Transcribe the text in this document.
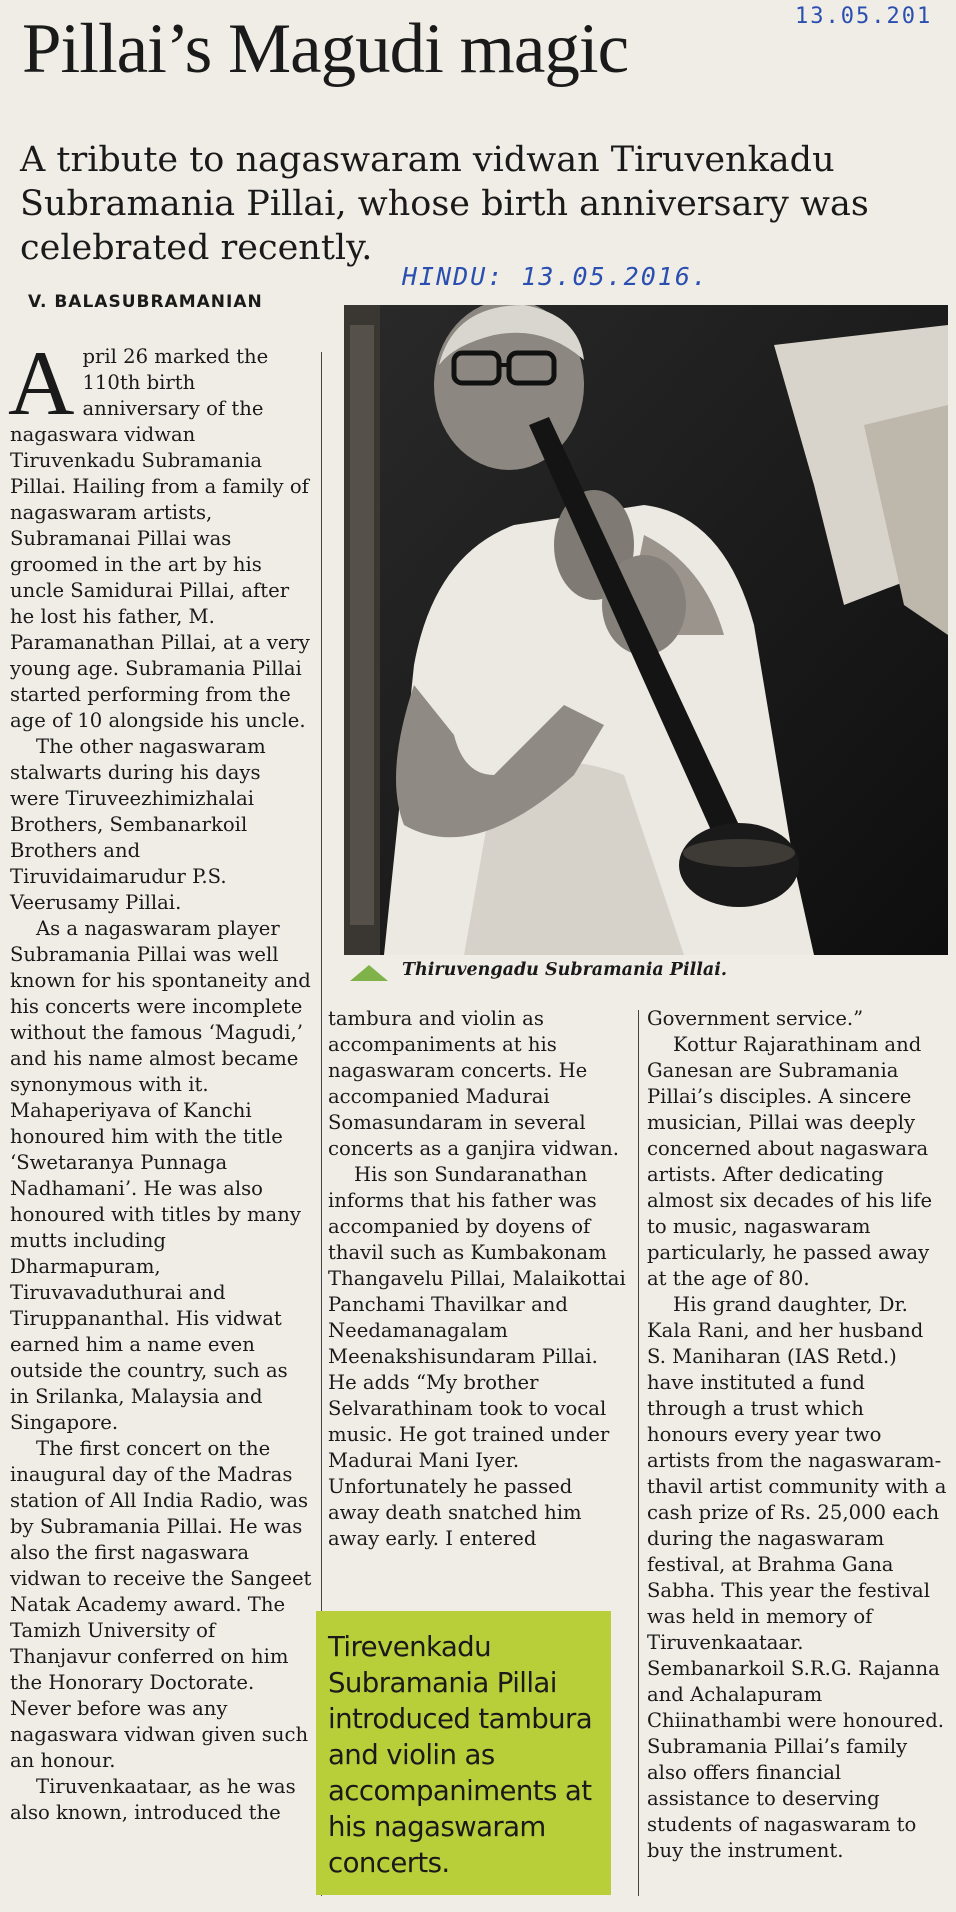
13.05.201
Pillai’s Magudi magic
A tribute to nagaswaram vidwan Tiruvenkadu Subramania Pillai, whose birth anniversary was celebrated recently.
HINDU: 13.05.2016.
V. BALASUBRAMANIAN

April 26 marked the 110th birth anniversary of the nagaswara vidwan Tiruvenkadu Subramania Pillai. Hailing from a family of nagaswaram artists, Subramanai Pillai was groomed in the art by his uncle Samidurai Pillai, after he lost his father, M. Paramanathan Pillai, at a very young age. Subramania Pillai started performing from the age of 10 alongside his uncle.

The other nagaswaram stalwarts during his days were Tiruveezhimizhalai Brothers, Sembanarkoil Brothers and Tiruvidaimarudur P.S. Veerusamy Pillai.

As a nagaswaram player Subramania Pillai was well known for his spontaneity and his concerts were incomplete without the famous ‘Magudi,’ and his name almost became synonymous with it. Mahaperiyava of Kanchi honoured him with the title ‘Swetaranya Punnaga Nadhamani’. He was also honoured with titles by many mutts including Dharmapuram, Tiruvavaduthurai and Tiruppananthal. His vidwat earned him a name even outside the country, such as in Srilanka, Malaysia and Singapore.

The first concert on the inaugural day of the Madras station of All India Radio, was by Subramania Pillai. He was also the first nagaswara vidwan to receive the Sangeet Natak Academy award. The Tamizh University of Thanjavur conferred on him the Honorary Doctorate. Never before was any nagaswara vidwan given such an honour.

Tiruvenkaataar, as he was also known, introduced the

Thiruvengadu Subramania Pillai.

tambura and violin as accompaniments at his nagaswaram concerts. He accompanied Madurai Somasundaram in several concerts as a ganjira vidwan.

His son Sundaranathan informs that his father was accompanied by doyens of thavil such as Kumbakonam Thangavelu Pillai, Malaikottai Panchami Thavilkar and Needamanagalam Meenakshisundaram Pillai. He adds “My brother Selvarathinam took to vocal music. He got trained under Madurai Mani Iyer. Unfortunately he passed away death snatched him away early. I entered

Government service.”

Kottur Rajarathinam and Ganesan are Subramania Pillai’s disciples. A sincere musician, Pillai was deeply concerned about nagaswara artists. After dedicating almost six decades of his life to music, nagaswaram particularly, he passed away at the age of 80.

His grand daughter, Dr. Kala Rani, and her husband S. Maniharan (IAS Retd.) have instituted a fund through a trust which honours every year two artists from the nagaswaram-thavil artist community with a cash prize of Rs. 25,000 each during the nagaswaram festival, at Brahma Gana Sabha. This year the festival was held in memory of Tiruvenkaataar. Sembanarkoil S.R.G. Rajanna and Achalapuram Chiinathambi were honoured. Subramania Pillai’s family also offers financial assistance to deserving students of nagaswaram to buy the instrument.

Tirevenkadu Subramania Pillai introduced tambura and violin as accompaniments at his nagaswaram concerts.
